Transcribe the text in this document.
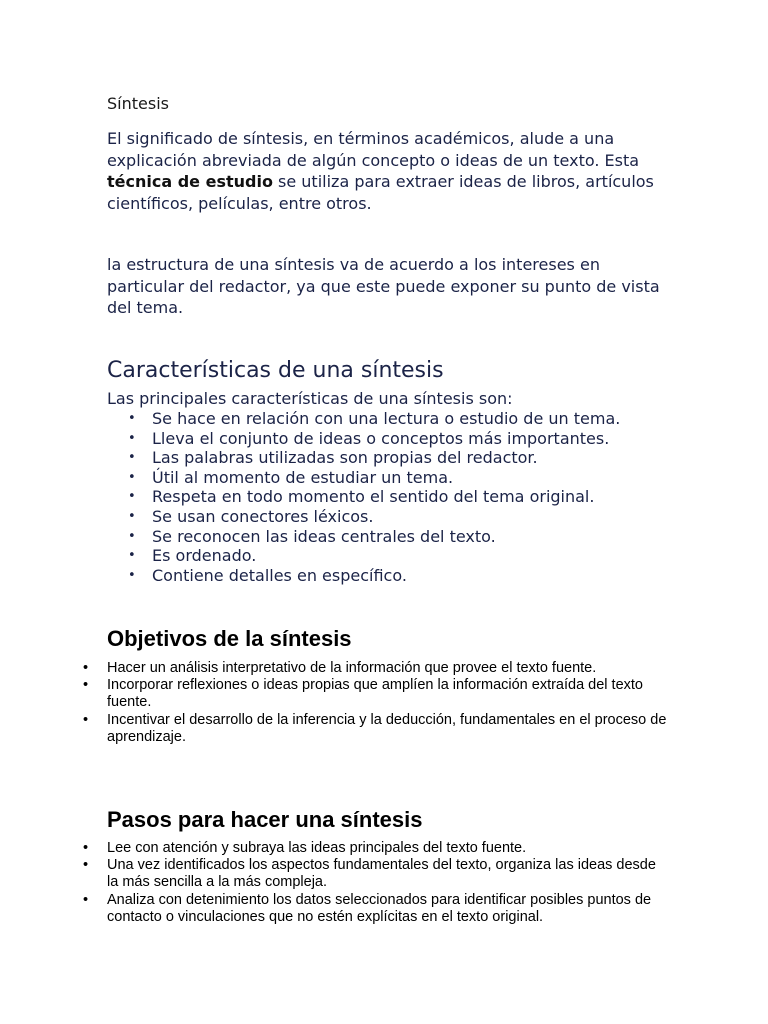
Síntesis

El significado de síntesis, en términos académicos, alude a una explicación abreviada de algún concepto o ideas de un texto. Esta técnica de estudio se utiliza para extraer ideas de libros, artículos científicos, películas, entre otros.

la estructura de una síntesis va de acuerdo a los intereses en particular del redactor, ya que este puede exponer su punto de vista del tema.

Características de una síntesis

Las principales características de una síntesis son:

• Se hace en relación con una lectura o estudio de un tema.
• Lleva el conjunto de ideas o conceptos más importantes.
• Las palabras utilizadas son propias del redactor.
• Útil al momento de estudiar un tema.
• Respeta en todo momento el sentido del tema original.
• Se usan conectores léxicos.
• Se reconocen las ideas centrales del texto.
• Es ordenado.
• Contiene detalles en específico.
Objetivos de la síntesis
• Hacer un análisis interpretativo de la información que provee el texto fuente.
• Incorporar reflexiones o ideas propias que amplíen la información extraída del texto fuente.
• Incentivar el desarrollo de la inferencia y la deducción, fundamentales en el proceso de aprendizaje.
Pasos para hacer una síntesis
• Lee con atención y subraya las ideas principales del texto fuente.
• Una vez identificados los aspectos fundamentales del texto, organiza las ideas desde la más sencilla a la más compleja.
• Analiza con detenimiento los datos seleccionados para identificar posibles puntos de contacto o vinculaciones que no estén explícitas en el texto original.
